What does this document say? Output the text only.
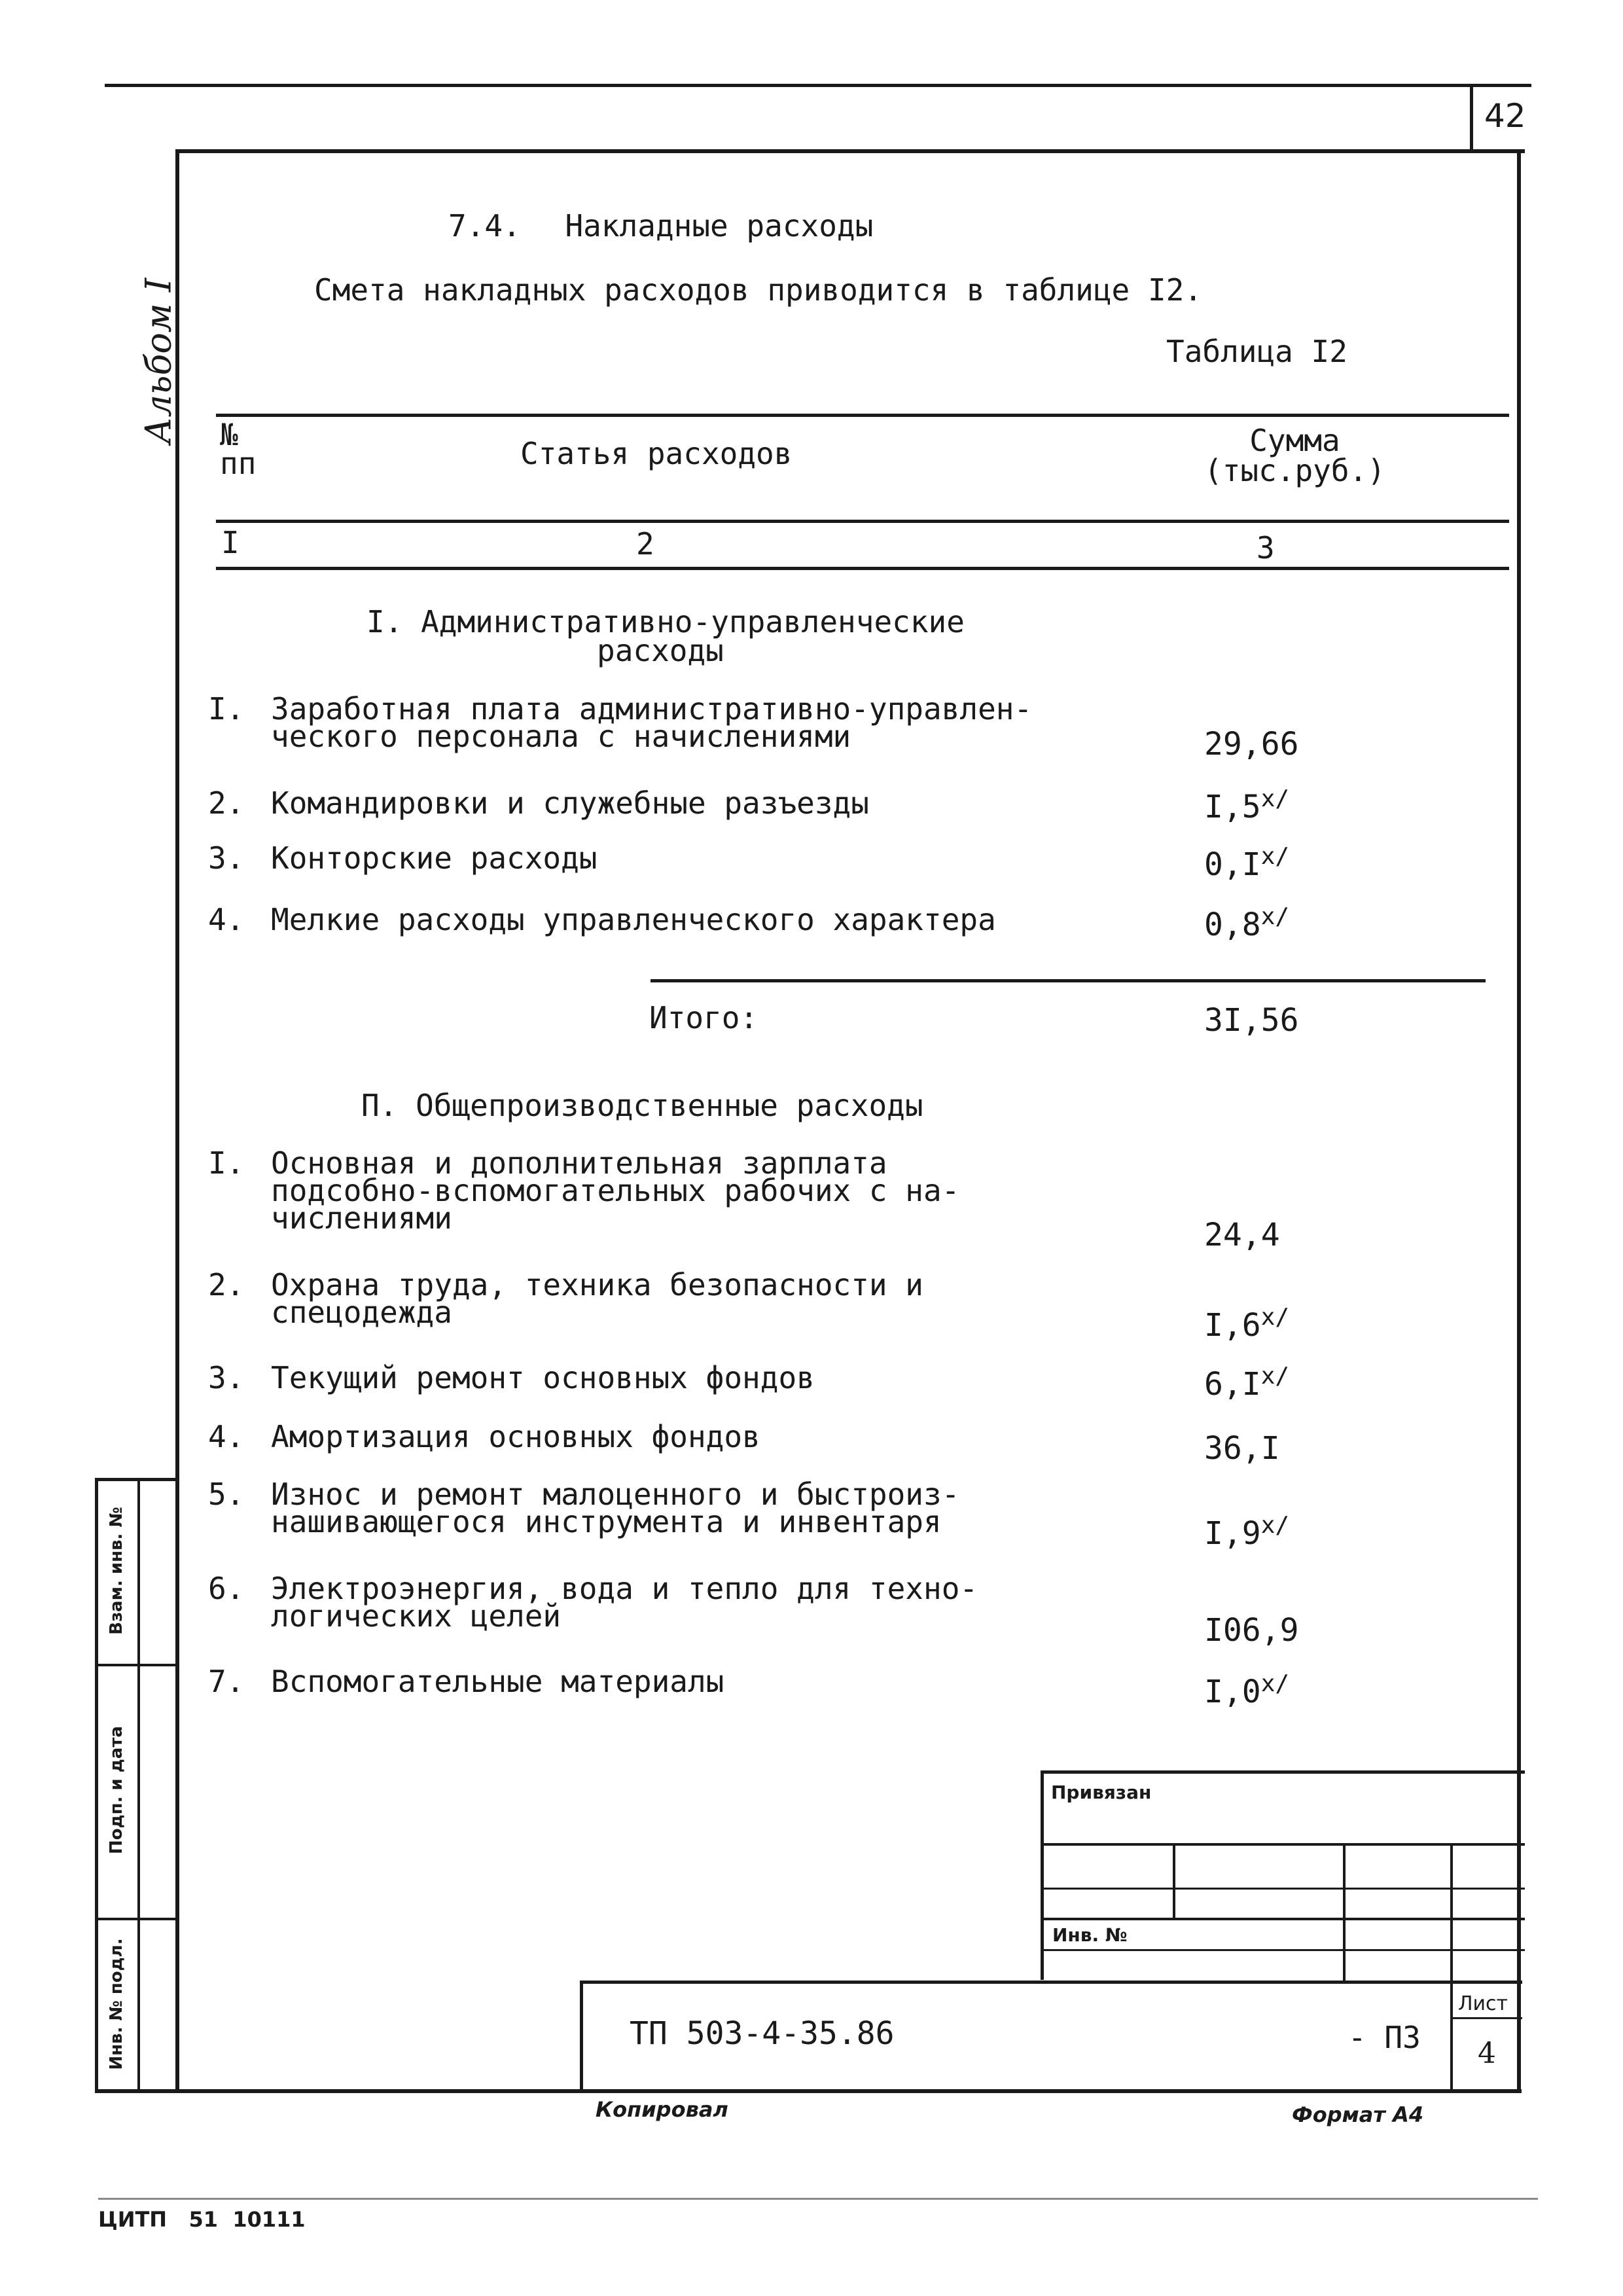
42
Альбом I
7.4. Накладные расходы
Смета накладных расходов приводится в таблице I2.
Таблица I2
№
пп	Статья расходов	Сумма
(тыс.руб.)
I	2	3
I. Административно-управленческие
расходы
I. Заработная плата административно-управлен-
ческого персонала с начислениями	29,66
2. Командировки и служебные разъезды	$I,5^{х/}$
3. Конторские расходы	$0,I^{х/}$
4. Мелкие расходы управленческого характера	$0,8^{х/}$
Итого:	3I,56
П. Общепроизводственные расходы
I. Основная и дополнительная зарплата
подсобно-вспомогательных рабочих с на-
числениями	24,4
2. Охрана труда, техника безопасности и
спецодежда	$I,6^{х/}$
3. Текущий ремонт основных фондов	$6,I^{х/}$
4. Амортизация основных фондов	36,I
5. Износ и ремонт малоценного и быстроиз-
нашивающегося инструмента и инвентаря	$I,9^{х/}$
6. Электроэнергия, вода и тепло для техно-
логических целей	I06,9
7. Вспомогательные материалы	$I,0^{х/}$
Взам. инв. №
Подп. и дата
Инв. № подл.
Привязан
Инв. №
ТП 503-4-35.86	- ПЗ
Лист
4
Копировал	Формат А4
ЦИТП   51  10111
